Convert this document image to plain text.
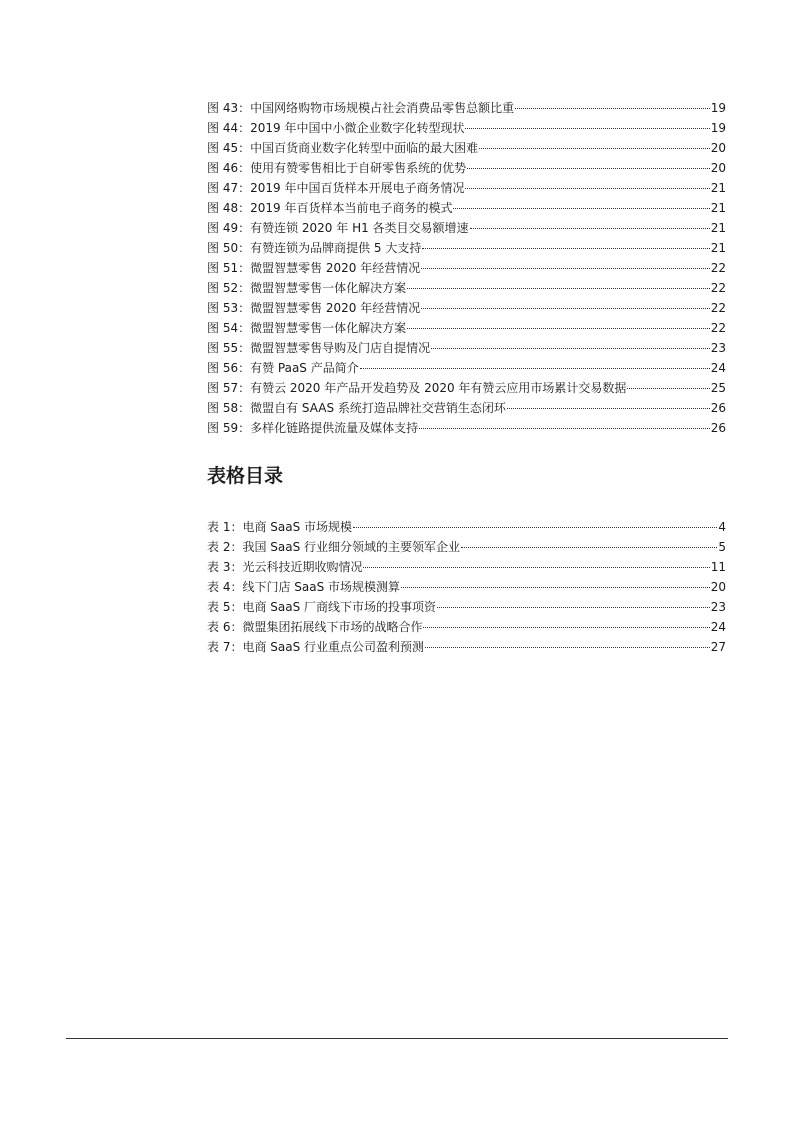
图 43：中国网络购物市场规模占社会消费品零售总额比重	19
图 44：2019 年中国中小微企业数字化转型现状	19
图 45：中国百货商业数字化转型中面临的最大困难	20
图 46：使用有赞零售相比于自研零售系统的优势	20
图 47：2019 年中国百货样本开展电子商务情况	21
图 48：2019 年百货样本当前电子商务的模式	21
图 49：有赞连锁 2020 年 H1 各类目交易额增速	21
图 50：有赞连锁为品牌商提供 5 大支持	21
图 51：微盟智慧零售 2020 年经营情况	22
图 52：微盟智慧零售一体化解决方案	22
图 53：微盟智慧零售 2020 年经营情况	22
图 54：微盟智慧零售一体化解决方案	22
图 55：微盟智慧零售导购及门店自提情况	23
图 56：有赞 PaaS 产品简介	24
图 57：有赞云 2020 年产品开发趋势及 2020 年有赞云应用市场累计交易数据	25
图 58：微盟自有 SAAS 系统打造品牌社交营销生态闭环	26
图 59：多样化链路提供流量及媒体支持	26
表格目录
表 1：电商 SaaS 市场规模	4
表 2：我国 SaaS 行业细分领域的主要领军企业	5
表 3：光云科技近期收购情况	11
表 4：线下门店 SaaS 市场规模测算	20
表 5：电商 SaaS 厂商线下市场的投事项资	23
表 6：微盟集团拓展线下市场的战略合作	24
表 7：电商 SaaS 行业重点公司盈利预测	27
